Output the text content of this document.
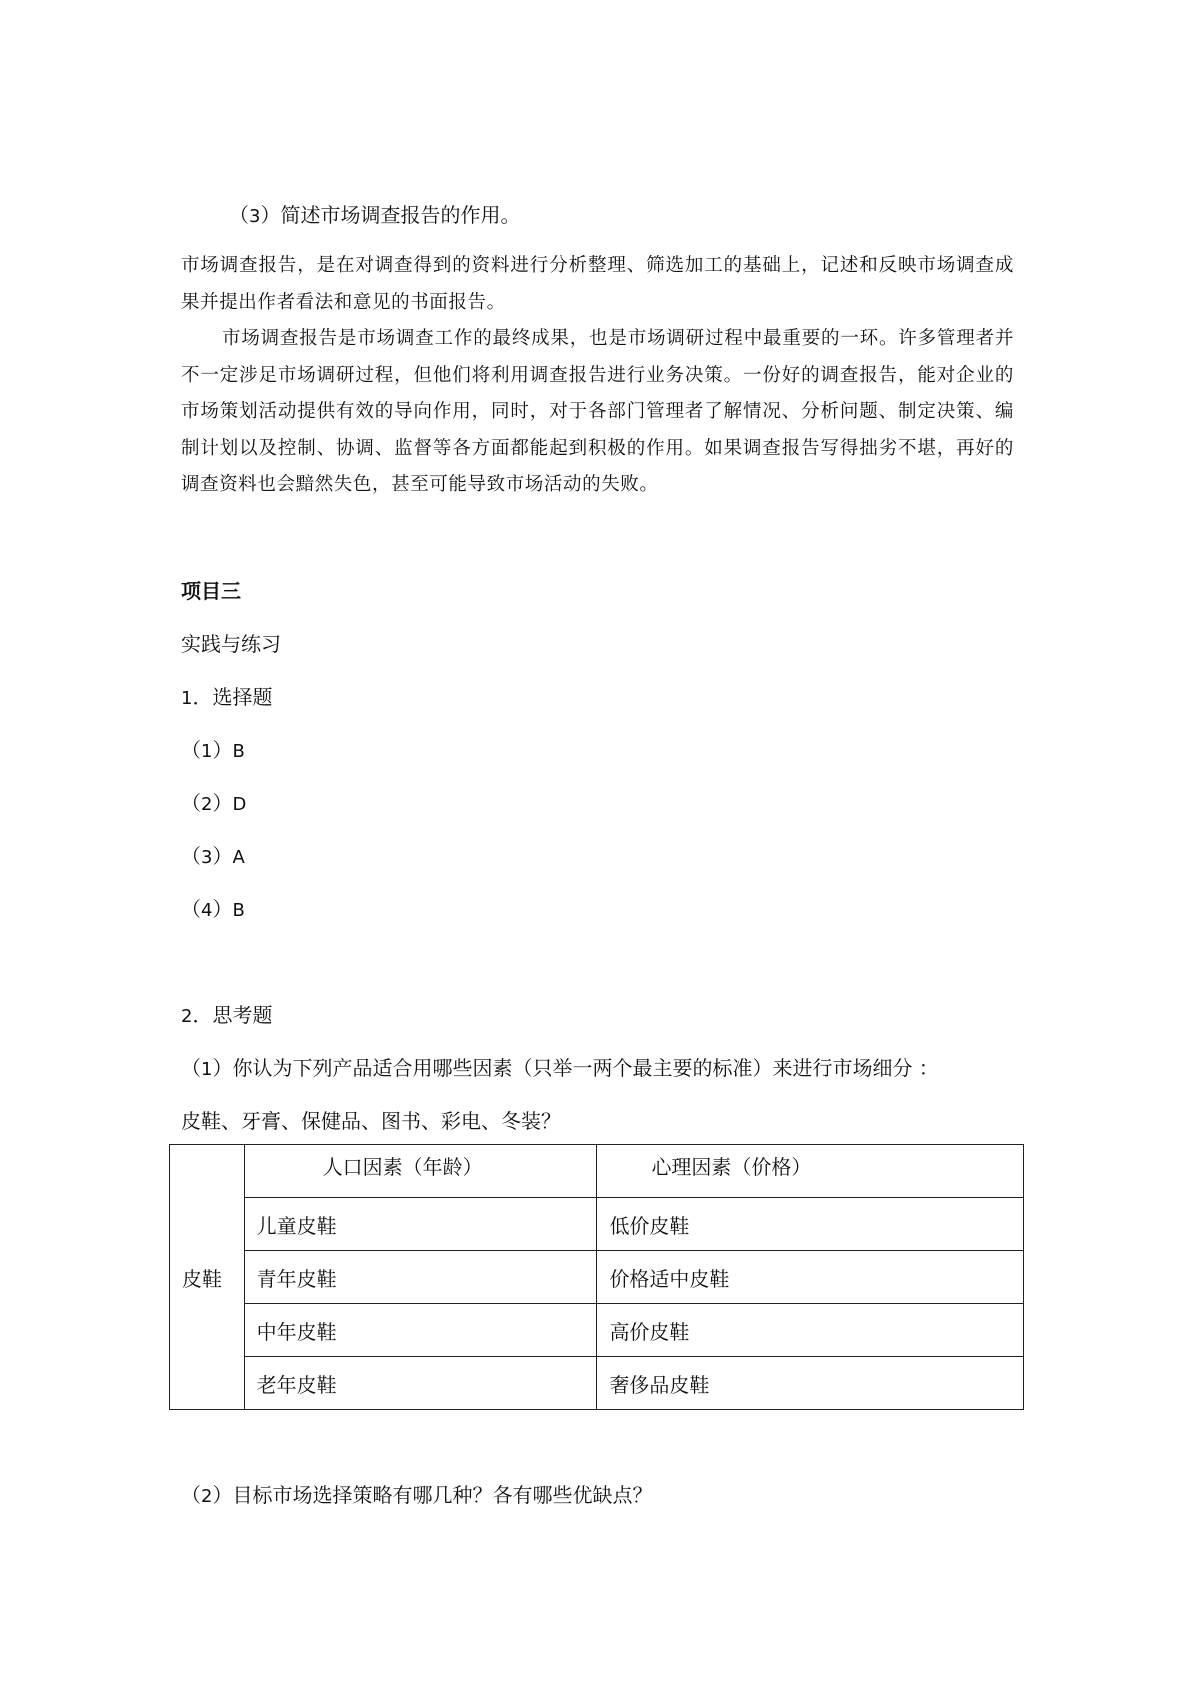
（3）简述市场调查报告的作用。
市场调查报告，是在对调查得到的资料进行分析整理、筛选加工的基础上，记述和反映市场调查成果并提出作者看法和意见的书面报告。
市场调查报告是市场调查工作的最终成果，也是市场调研过程中最重要的一环。许多管理者并不一定涉足市场调研过程，但他们将利用调查报告进行业务决策。一份好的调查报告，能对企业的市场策划活动提供有效的导向作用，同时，对于各部门管理者了解情况、分析问题、制定决策、编制计划以及控制、协调、监督等各方面都能起到积极的作用。如果调查报告写得拙劣不堪，再好的调查资料也会黯然失色，甚至可能导致市场活动的失败。
项目三
实践与练习
1．选择题
（1）B
（2）D
（3）A
（4）B
2．思考题
（1）你认为下列产品适合用哪些因素（只举一两个最主要的标准）来进行市场细分 ：
皮鞋、牙膏、保健品、图书、彩电、冬装？
皮鞋	人口因素（年龄）	心理因素（价格）

	儿童皮鞋	低价皮鞋
	青年皮鞋	价格适中皮鞋
	中年皮鞋	高价皮鞋
	老年皮鞋	奢侈品皮鞋
（2）目标市场选择策略有哪几种？各有哪些优缺点？
